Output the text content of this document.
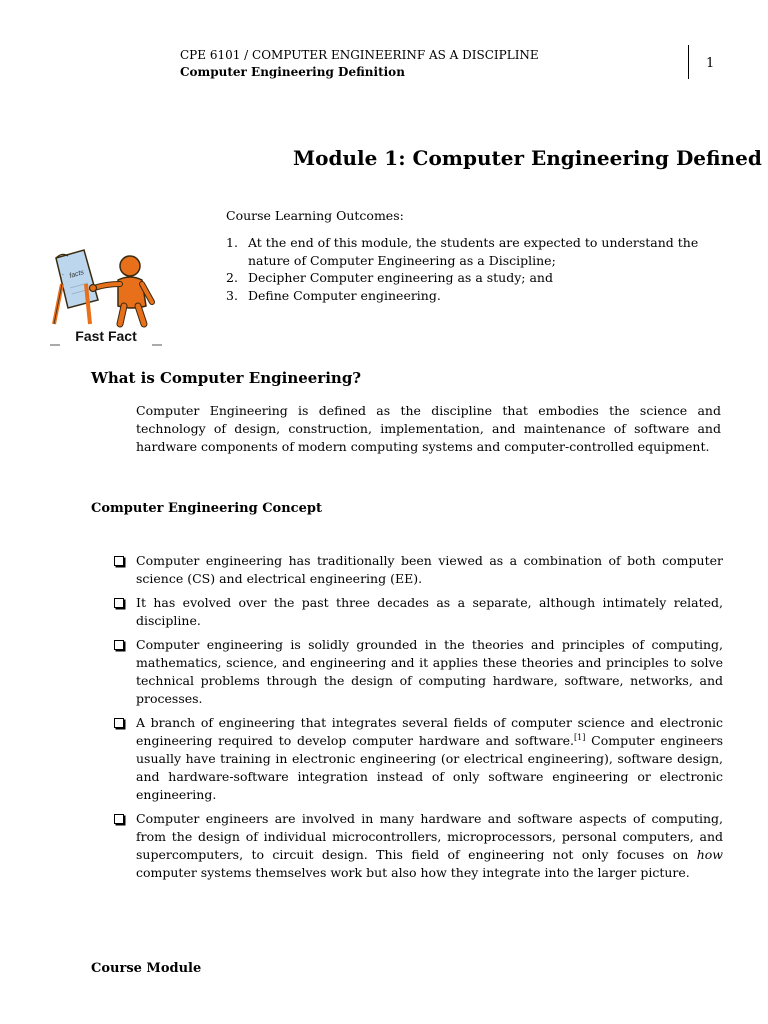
CPE 6101 / COMPUTER ENGINEERINF AS A DISCIPLINE
Computer Engineering Definition
1
Module 1: Computer Engineering Defined
Course Learning Outcomes:
1. At the end of this module, the students are expected to understand the nature of Computer Engineering as a Discipline;
2. Decipher Computer engineering as a study; and
3. Define Computer engineering.
facts
Fast Fact
What is Computer Engineering?

Computer Engineering is defined as the discipline that embodies the science and technology of design, construction, implementation, and maintenance of software and hardware components of modern computing systems and computer-controlled equipment.

Computer Engineering Concept
Computer engineering has traditionally been viewed as a combination of both computer science (CS) and electrical engineering (EE).
It has evolved over the past three decades as a separate, although intimately related, discipline.
Computer engineering is solidly grounded in the theories and principles of computing, mathematics, science, and engineering and it applies these theories and principles to solve technical problems through the design of computing hardware, software, networks, and processes.
A branch of engineering that integrates several fields of computer science and electronic engineering required to develop computer hardware and software.[1] Computer engineers usually have training in electronic engineering (or electrical engineering), software design, and hardware-software integration instead of only software engineering or electronic engineering.
Computer engineers are involved in many hardware and software aspects of computing, from the design of individual microcontrollers, microprocessors, personal computers, and supercomputers, to circuit design. This field of engineering not only focuses on how computer systems themselves work but also how they integrate into the larger picture.
Course Module
